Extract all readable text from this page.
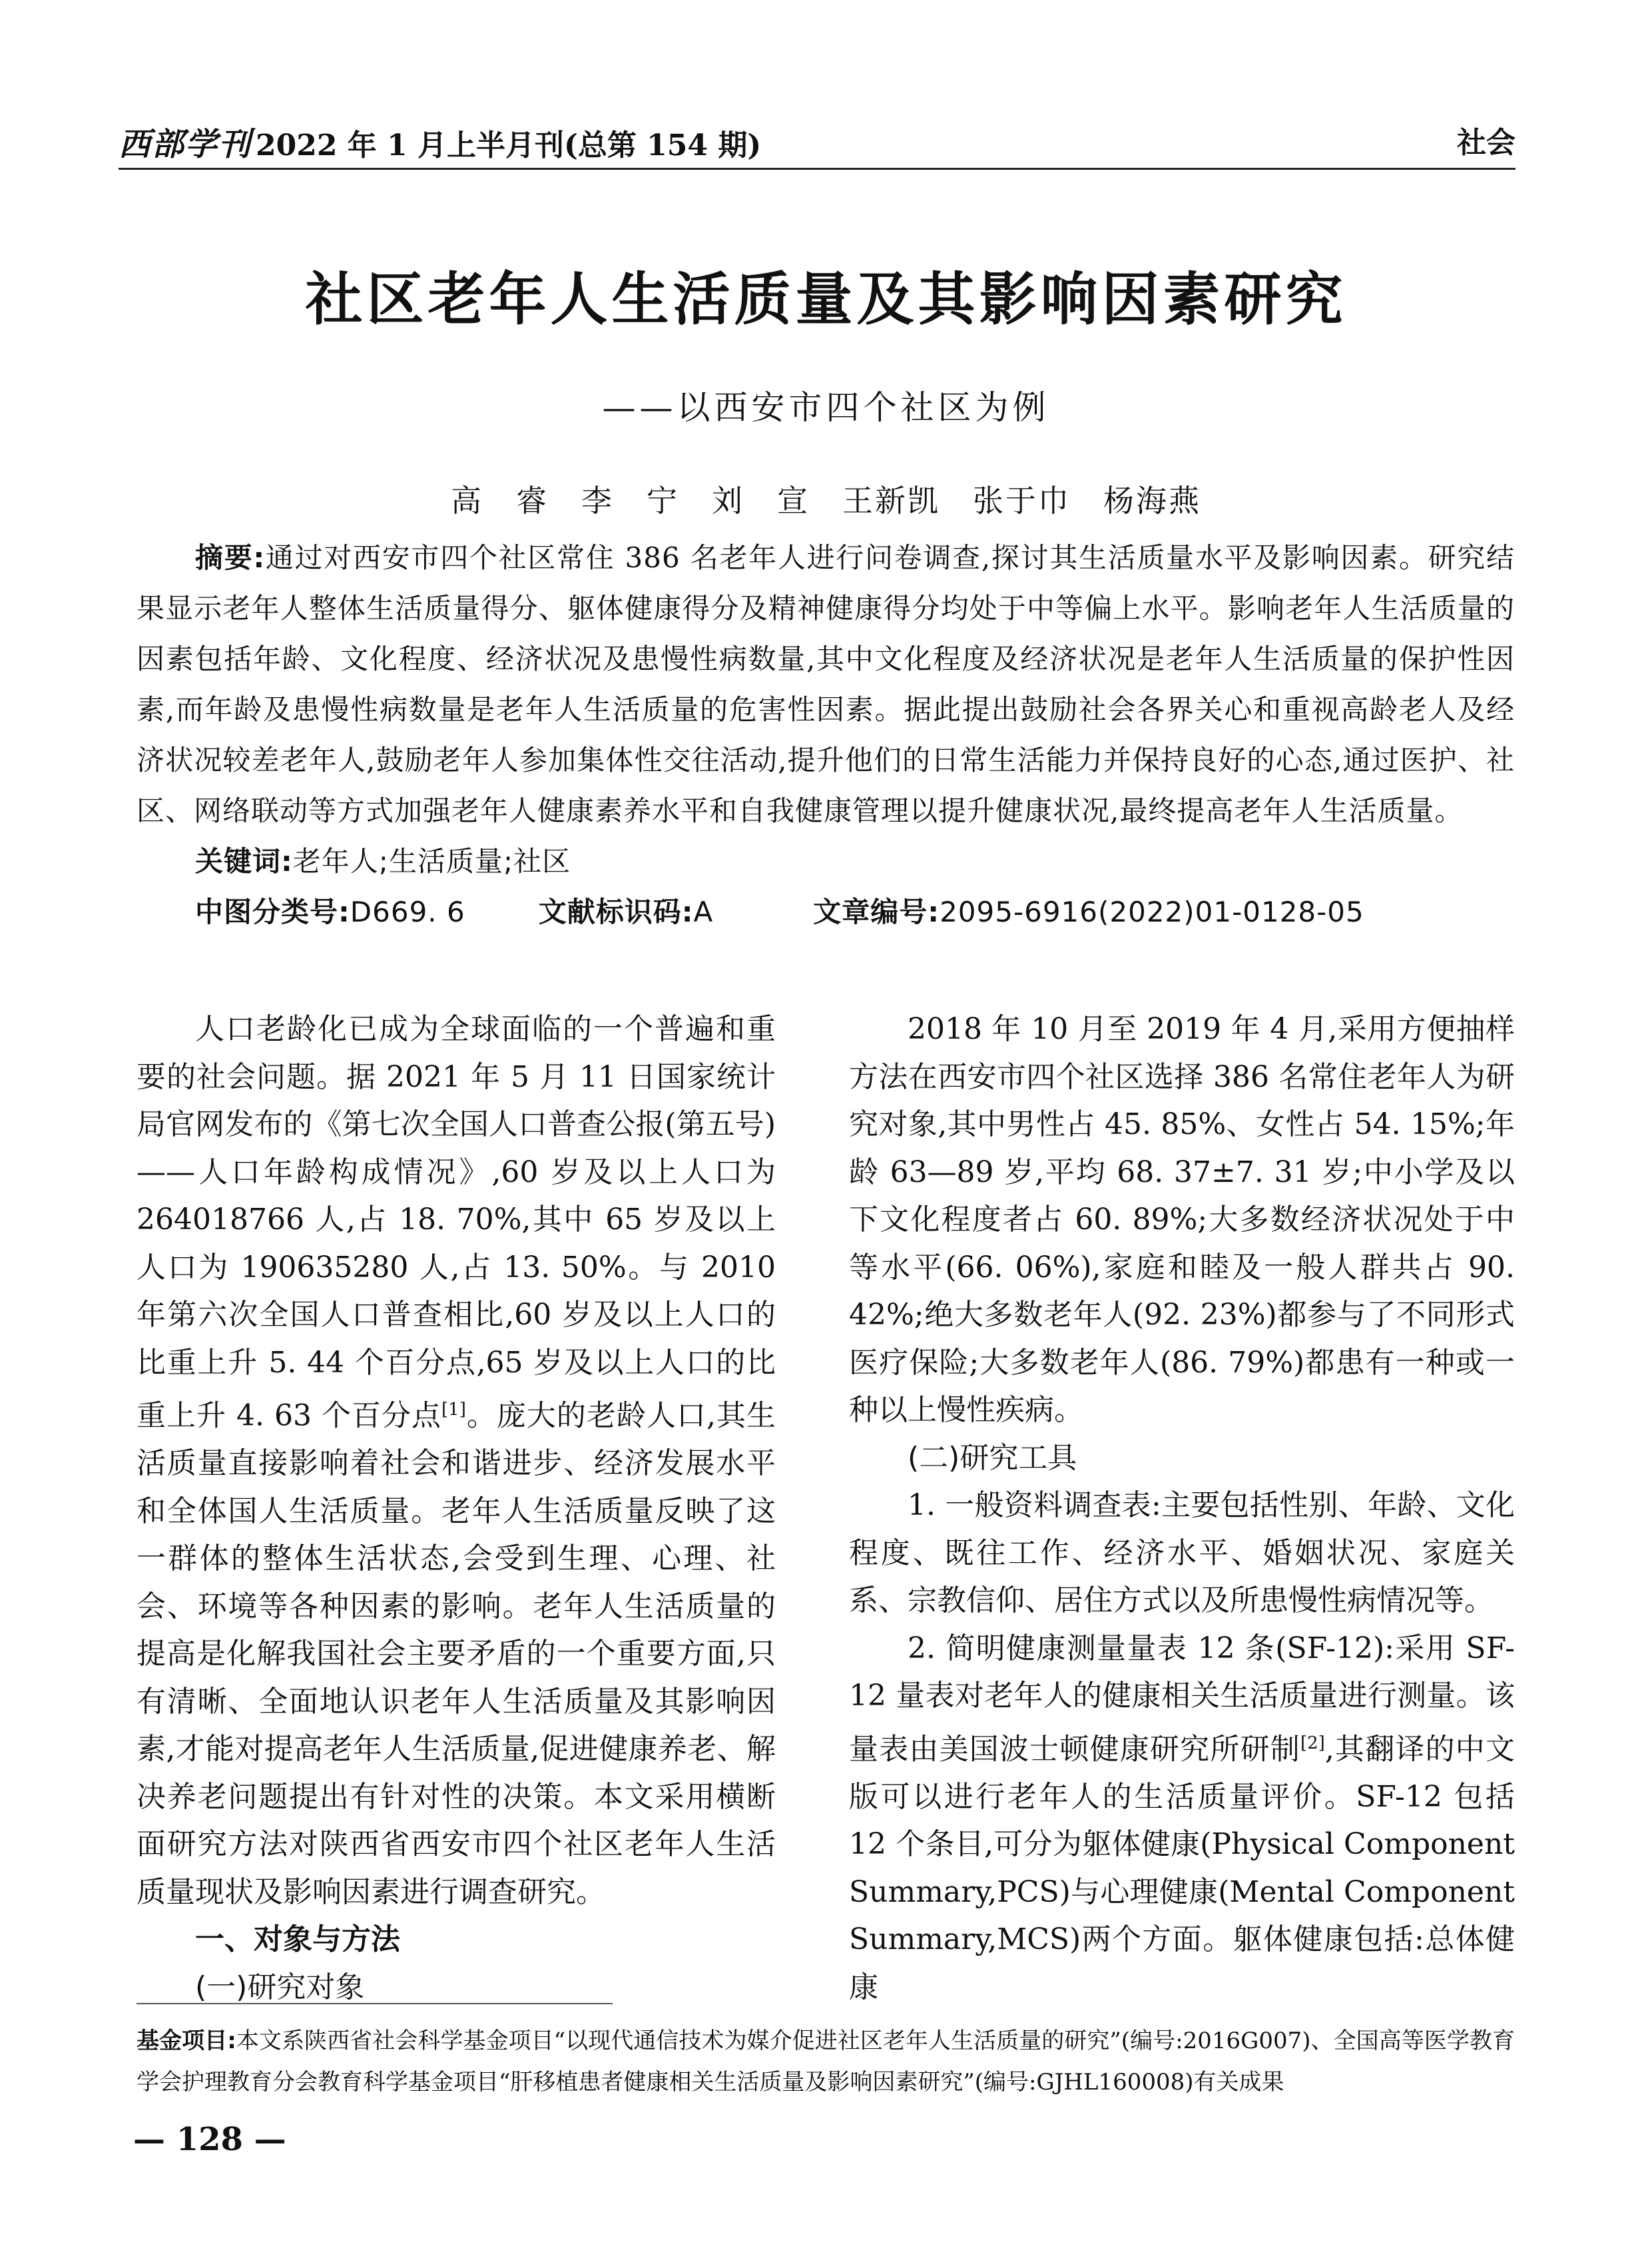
西部学刊 2022 年 1 月上半月刊(总第 154 期)	社会
社区老年人生活质量及其影响因素研究
——以西安市四个社区为例
高　睿　李　宁　刘　宣　王新凯　张于巾　杨海燕
摘要:通过对西安市四个社区常住 386 名老年人进行问卷调查,探讨其生活质量水平及影响因素。研究结果显示老年人整体生活质量得分、躯体健康得分及精神健康得分均处于中等偏上水平。影响老年人生活质量的因素包括年龄、文化程度、经济状况及患慢性病数量,其中文化程度及经济状况是老年人生活质量的保护性因素,而年龄及患慢性病数量是老年人生活质量的危害性因素。据此提出鼓励社会各界关心和重视高龄老人及经济状况较差老年人,鼓励老年人参加集体性交往活动,提升他们的日常生活能力并保持良好的心态,通过医护、社区、网络联动等方式加强老年人健康素养水平和自我健康管理以提升健康状况,最终提高老年人生活质量。
关键词:老年人;生活质量;社区
中图分类号:D669. 6	文献标识码:A	文章编号:2095-6916(2022)01-0128-05

人口老龄化已成为全球面临的一个普遍和重要的社会问题。据 2021 年 5 月 11 日国家统计局官网发布的《第七次全国人口普查公报(第五号)——人口年龄构成情况》,60 岁及以上人口为 264018766 人,占 18. 70%,其中 65 岁及以上人口为 190635280 人,占 13. 50%。与 2010 年第六次全国人口普查相比,60 岁及以上人口的比重上升 5. 44 个百分点,65 岁及以上人口的比重上升 4. 63 个百分点[1]。庞大的老龄人口,其生活质量直接影响着社会和谐进步、经济发展水平和全体国人生活质量。老年人生活质量反映了这一群体的整体生活状态,会受到生理、心理、社会、环境等各种因素的影响。老年人生活质量的提高是化解我国社会主要矛盾的一个重要方面,只有清晰、全面地认识老年人生活质量及其影响因素,才能对提高老年人生活质量,促进健康养老、解决养老问题提出有针对性的决策。本文采用横断面研究方法对陕西省西安市四个社区老年人生活质量现状及影响因素进行调查研究。

一、对象与方法

(一)研究对象

2018 年 10 月至 2019 年 4 月,采用方便抽样方法在西安市四个社区选择 386 名常住老年人为研究对象,其中男性占 45. 85%、女性占 54. 15%;年龄 63—89 岁,平均 68. 37±7. 31 岁;中小学及以下文化程度者占 60. 89%;大多数经济状况处于中等水平(66. 06%),家庭和睦及一般人群共占 90. 42%;绝大多数老年人(92. 23%)都参与了不同形式医疗保险;大多数老年人(86. 79%)都患有一种或一种以上慢性疾病。

(二)研究工具

1. 一般资料调查表:主要包括性别、年龄、文化程度、既往工作、经济水平、婚姻状况、家庭关系、宗教信仰、居住方式以及所患慢性病情况等。

2. 简明健康测量量表 12 条(SF-12):采用 SF-12 量表对老年人的健康相关生活质量进行测量。该量表由美国波士顿健康研究所研制[2],其翻译的中文版可以进行老年人的生活质量评价。SF-12 包括 12 个条目,可分为躯体健康(Physical Component Summary,PCS)与心理健康(Mental Component Summary,MCS)两个方面。躯体健康包括:总体健康

基金项目:本文系陕西省社会科学基金项目“以现代通信技术为媒介促进社区老年人生活质量的研究”(编号:2016G007)、全国高等医学教育学会护理教育分会教育科学基金项目“肝移植患者健康相关生活质量及影响因素研究”(编号:GJHL160008)有关成果
— 128 —
